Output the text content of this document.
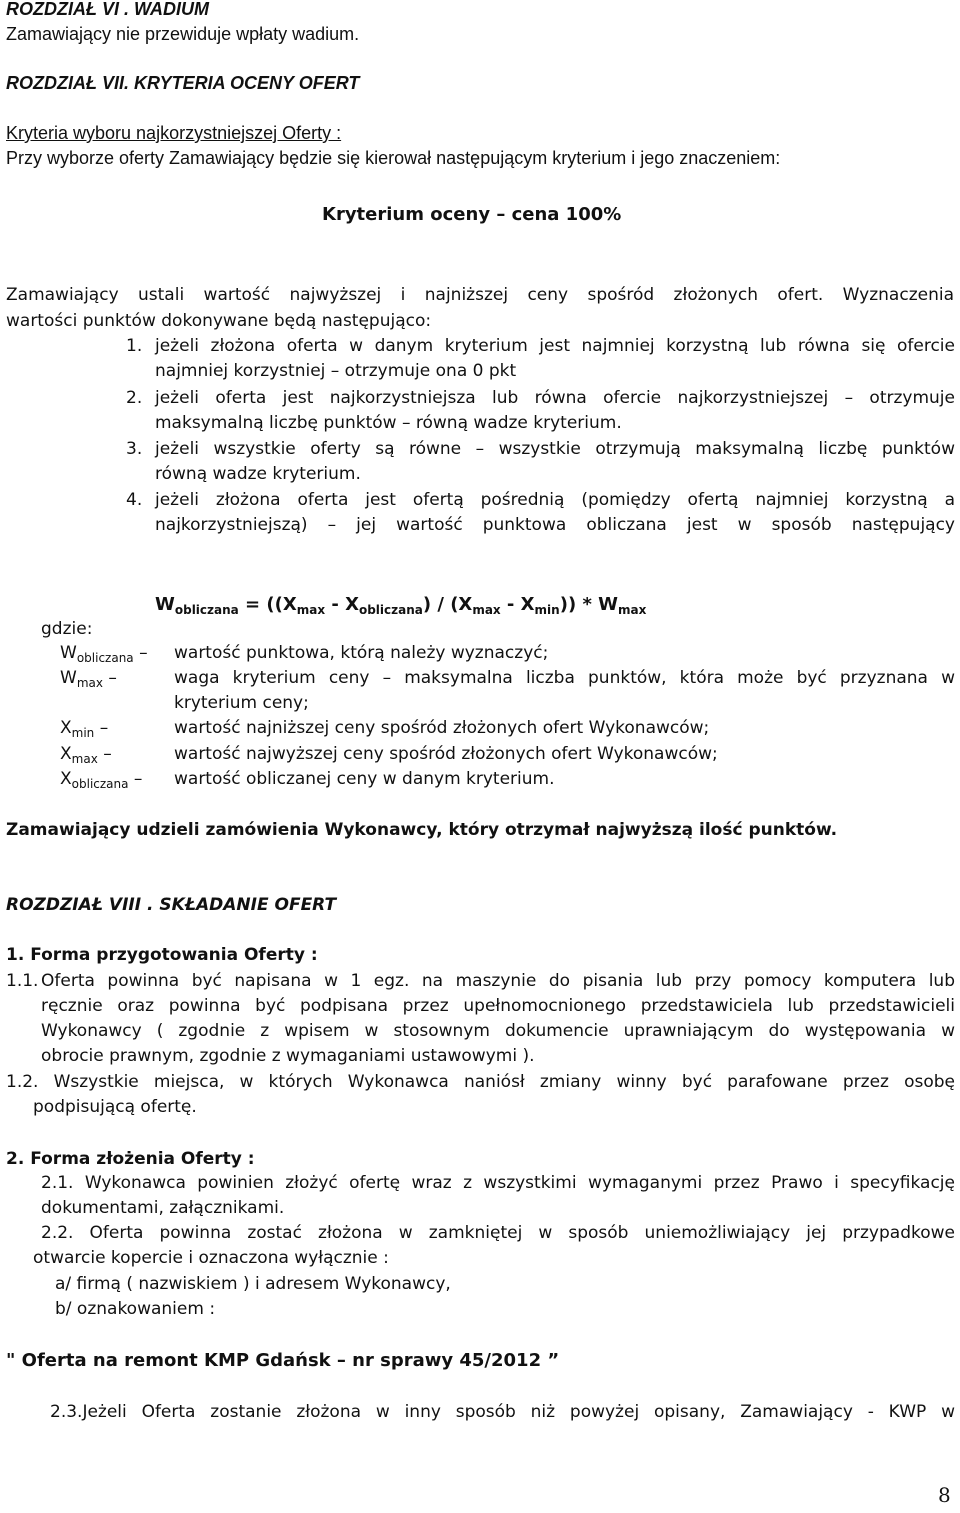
ROZDZIAŁ VI . WADIUM
Zamawiający nie przewiduje wpłaty wadium.
ROZDZIAŁ VII. KRYTERIA OCENY OFERT
Kryteria wyboru najkorzystniejszej Oferty :
Przy wyborze oferty Zamawiający będzie się kierował następującym kryterium i jego znaczeniem:
Kryterium oceny – cena 100%
Zamawiający ustali wartość najwyższej i najniższej ceny spośród złożonych ofert. Wyznaczenia
wartości punktów dokonywane będą następująco:
1. jeżeli złożona oferta w danym kryterium jest najmniej korzystną lub równa się ofercie
najmniej korzystniej – otrzymuje ona 0 pkt
2. jeżeli oferta jest najkorzystniejsza lub równa ofercie najkorzystniejszej – otrzymuje
maksymalną liczbę punktów – równą wadze kryterium.
3. jeżeli wszystkie oferty są równe – wszystkie otrzymują maksymalną liczbę punktów
równą wadze kryterium.
4. jeżeli złożona oferta jest ofertą pośrednią (pomiędzy ofertą najmniej korzystną a
najkorzystniejszą) – jej wartość punktowa obliczana jest w sposób następujący
$W_{obliczana} = ((X_{max} - X_{obliczana}) / (X_{max} - X_{min})) * W_{max}$
gdzie:
$W_{obliczana}$ – wartość punktowa, którą należy wyznaczyć;
$W_{max}$ –	waga kryterium ceny – maksymalna liczba punktów, która może być przyznana w
kryterium ceny;
$X_{min}$ –	wartość najniższej ceny spośród złożonych ofert Wykonawców;
$X_{max}$ –	wartość najwyższej ceny spośród złożonych ofert Wykonawców;
$X_{obliczana}$ – wartość obliczanej ceny w danym kryterium.
Zamawiający udzieli zamówienia Wykonawcy, który otrzymał najwyższą ilość punktów.
ROZDZIAŁ VIII . SKŁADANIE OFERT
1. Forma przygotowania Oferty :
1.1. Oferta powinna być napisana w 1 egz. na maszynie do pisania lub przy pomocy komputera lub
ręcznie oraz powinna być podpisana przez upełnomocnionego przedstawiciela lub przedstawicieli
Wykonawcy ( zgodnie z wpisem w stosownym dokumencie uprawniającym do występowania w
obrocie prawnym, zgodnie z wymaganiami ustawowymi ).
1.2. Wszystkie miejsca, w których Wykonawca naniósł zmiany winny być parafowane przez osobę
podpisującą ofertę.
2. Forma złożenia Oferty :
2.1. Wykonawca powinien złożyć ofertę wraz z wszystkimi wymaganymi przez Prawo i specyfikację
dokumentami, załącznikami.
2.2. Oferta powinna zostać złożona w zamkniętej w sposób uniemożliwiający jej przypadkowe
otwarcie kopercie i oznaczona wyłącznie :
a/ firmą ( nazwiskiem ) i adresem Wykonawcy,
b/ oznakowaniem :
" Oferta na remont KMP Gdańsk – nr sprawy 45/2012 ”
2.3.Jeżeli Oferta zostanie złożona w inny sposób niż powyżej opisany, Zamawiający - KWP w
8
